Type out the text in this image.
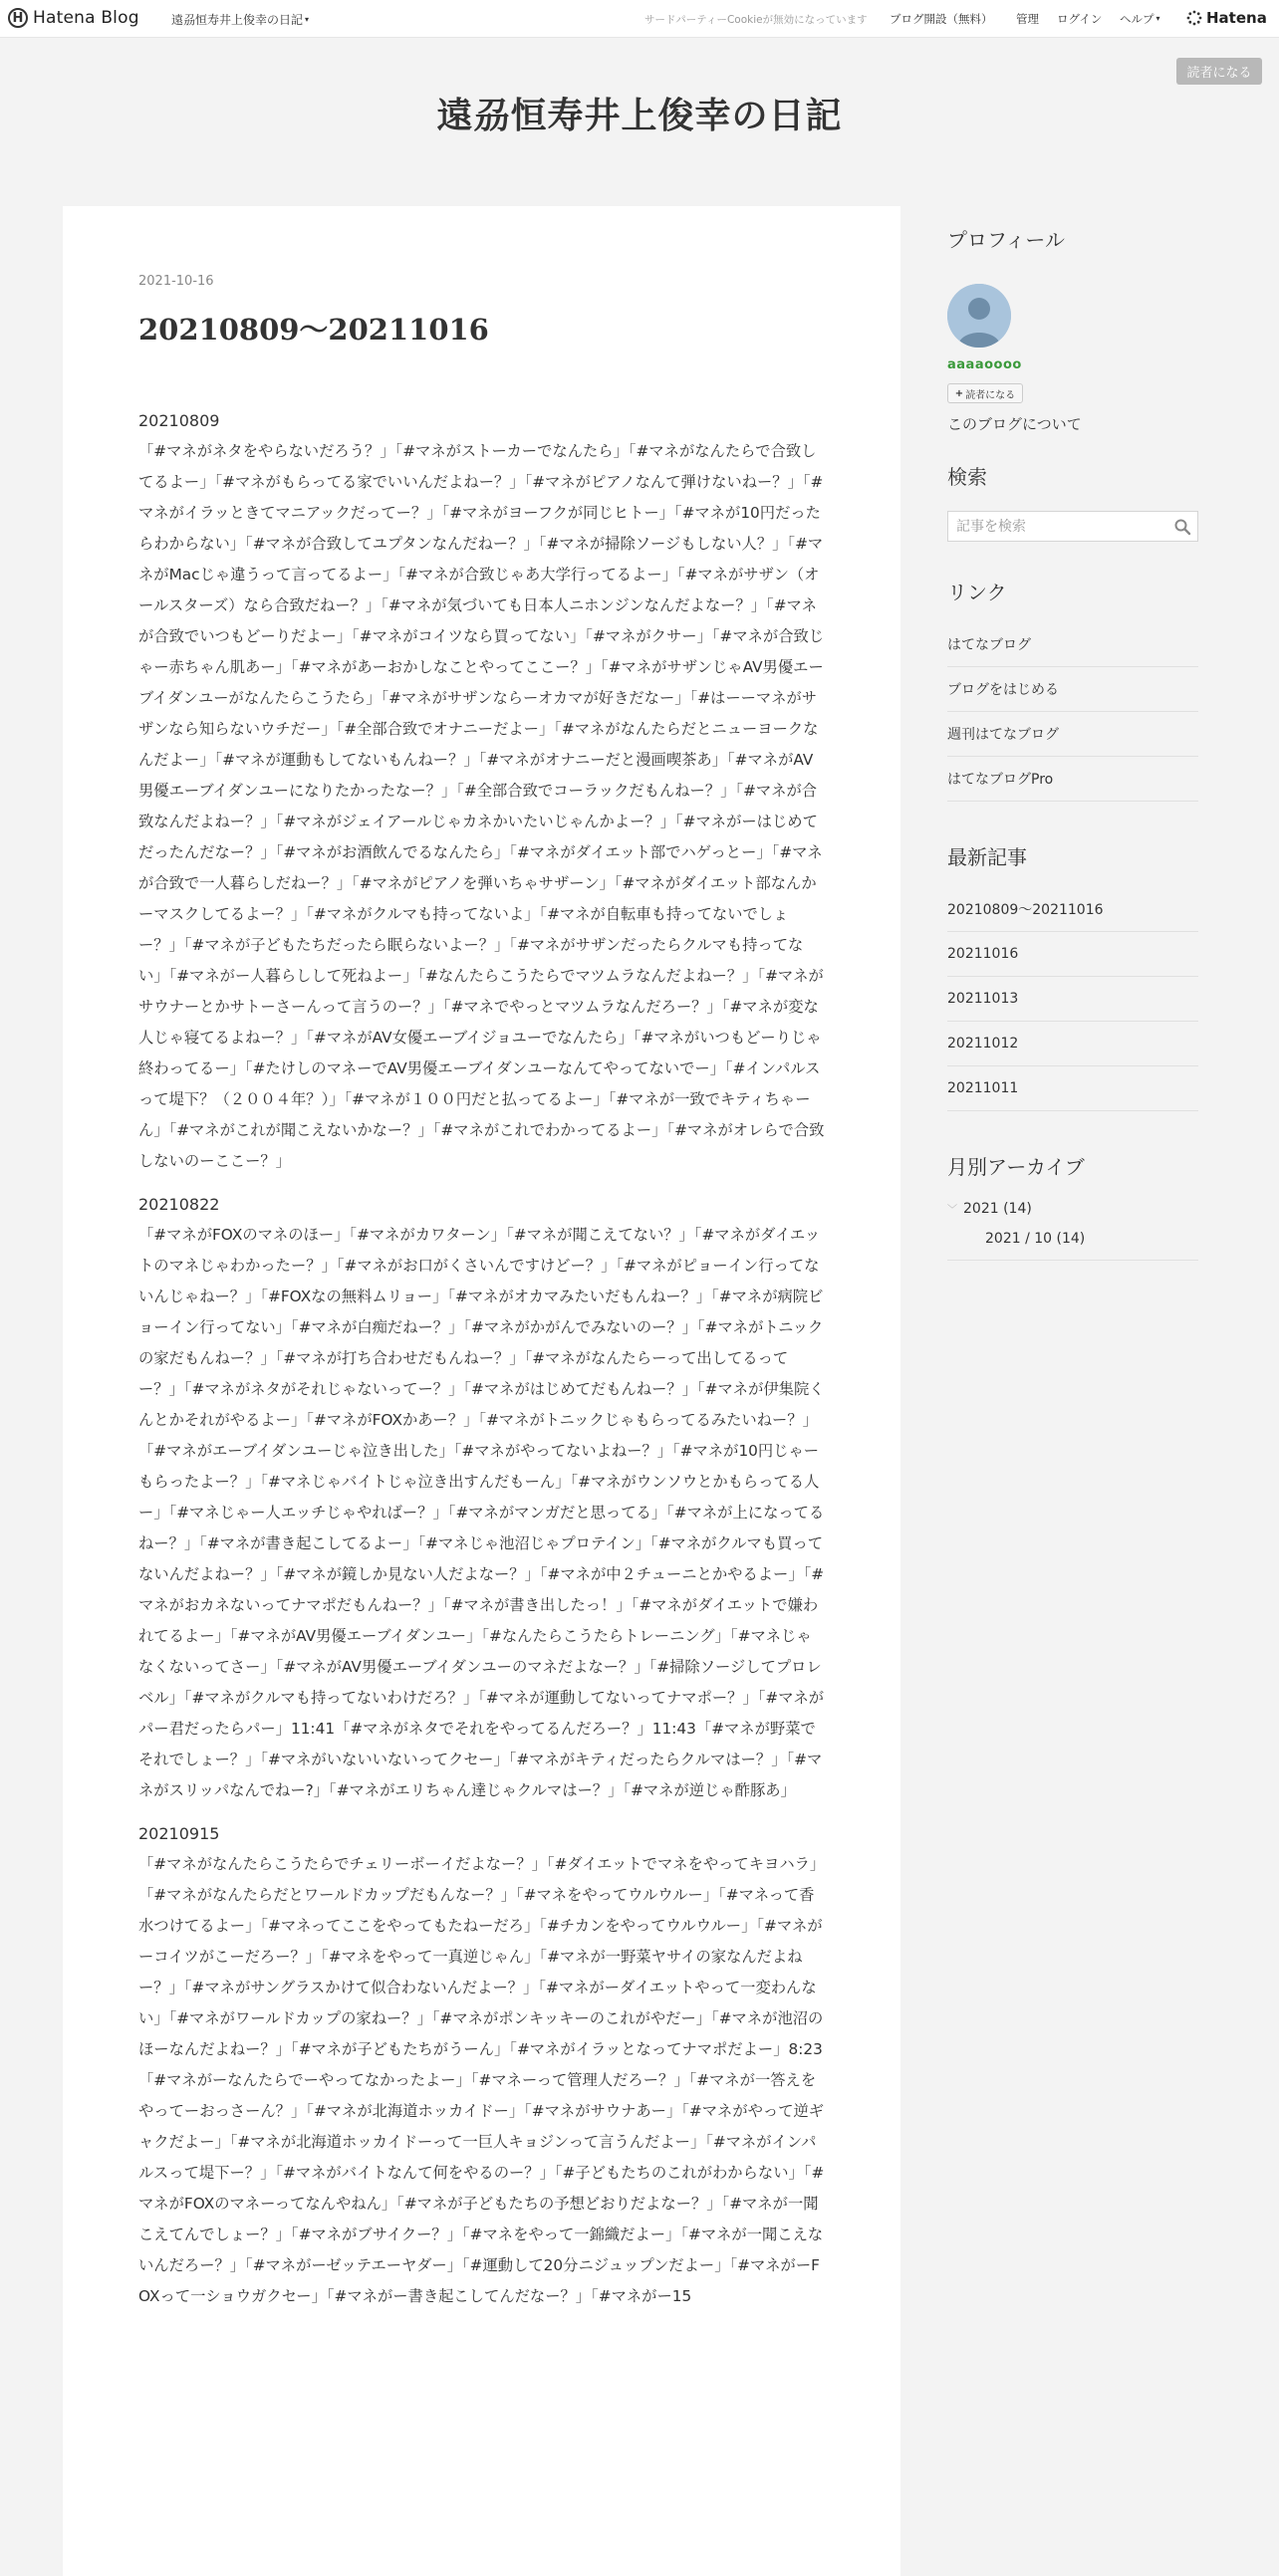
H Hatena Blog	遠刕恒寿井上俊幸の日記 ▾	サードパーティーCookieが無効になっています ブログ開設（無料） 管理 ログイン ヘルプ ▾	Hatena
読者になる
遠刕恒寿井上俊幸の日記
2021-10-16
20210809〜20211016

20210809

「#マネがネタをやらないだろう？」「#マネがストーカーでなんたら」「#マネがなんたらで合致してるよー」「#マネがもらってる家でいいんだよねー？」「#マネがピアノなんて弾けないねー？」「#マネがイラッときてマニアックだってー？」「#マネがヨーフクが同じヒトー」「#マネが10円だったらわからない」「#マネが合致してユプタンなんだねー？」「#マネが掃除ソージもしない人？」「#マネがMacじゃ違うって言ってるよー」「#マネが合致じゃあ大学行ってるよー」「#マネがサザン（オールスターズ）なら合致だねー？」「#マネが気づいても日本人ニホンジンなんだよなー？」「#マネが合致でいつもどーりだよー」「#マネがコイツなら買ってない」「#マネがクサー」「#マネが合致じゃー赤ちゃん肌あー」「#マネがあーおかしなことやってここー？」「#マネがサザンじゃAV男優エーブイダンユーがなんたらこうたら」「#マネがサザンならーオカマが好きだなー」「#はーーマネがサザンなら知らないウチだー」「#全部合致でオナニーだよー」「#マネがなんたらだとニューヨークなんだよー」「#マネが運動もしてないもんねー？」「#マネがオナニーだと漫画喫茶あ」「#マネがAV男優エーブイダンユーになりたかったなー？」「#全部合致でコーラックだもんねー？」「#マネが合致なんだよねー？」「#マネがジェイアールじゃカネかいたいじゃんかよー？」「#マネがーはじめてだったんだなー？」「#マネがお酒飲んでるなんたら」「#マネがダイエット部でハゲっとー」「#マネが合致で一人暮らしだねー？」「#マネがピアノを弾いちゃサザーン」「#マネがダイエット部なんかーマスクしてるよー？」「#マネがクルマも持ってないよ」「#マネが自転車も持ってないでしょー？」「#マネが子どもたちだったら眠らないよー？」「#マネがサザンだったらクルマも持ってない」「#マネがー人暮らしして死ねよー」「#なんたらこうたらでマツムラなんだよねー？」「#マネがサウナーとかサトーさーんって言うのー？」「#マネでやっとマツムラなんだろー？」「#マネが変な人じゃ寝てるよねー？」「#マネがAV女優エーブイジョユーでなんたら」「#マネがいつもどーりじゃ終わってるー」「#たけしのマネーでAV男優エーブイダンユーなんてやってないでー」「#インパルスって堤下？（２００４年？）」「#マネが１００円だと払ってるよー」「#マネが一致でキティちゃーん」「#マネがこれが聞こえないかなー？」「#マネがこれでわかってるよー」「#マネがオレらで合致しないのーここー？」

20210822

「#マネがFOXのマネのほー」「#マネがカワターン」「#マネが聞こえてない？」「#マネがダイエットのマネじゃわかったー？」「#マネがお口がくさいんですけどー？」「#マネがピョーイン行ってないんじゃねー？」「#FOXなの無料ムリョー」「#マネがオカマみたいだもんねー？」「#マネが病院ビョーイン行ってない」「#マネが白痴だねー？」「#マネがかがんでみないのー？」「#マネがトニックの家だもんねー？」「#マネが打ち合わせだもんねー？」「#マネがなんたらーって出してるってー？」「#マネがネタがそれじゃないってー？」「#マネがはじめてだもんねー？」「#マネが伊集院くんとかそれがやるよー」「#マネがFOXかあー？」「#マネがトニックじゃもらってるみたいねー？」「#マネがエーブイダンユーじゃ泣き出した」「#マネがやってないよねー？」「#マネが10円じゃーもらったよー？」「#マネじゃバイトじゃ泣き出すんだもーん」「#マネがウンソウとかもらってる人ー」「#マネじゃー人エッチじゃやればー？」「#マネがマンガだと思ってる」「#マネが上になってるねー？」「#マネが書き起こしてるよー」「#マネじゃ池沼じゃプロテイン」「#マネがクルマも買ってないんだよねー？」「#マネが鏡しか見ない人だよなー？」「#マネが中２チューニとかやるよー」「#マネがおカネないってナマポだもんねー？」「#マネが書き出したっ！」「#マネがダイエットで嫌われてるよー」「#マネがAV男優エーブイダンユー」「#なんたらこうたらトレーニング」「#マネじゃなくないってさー」「#マネがAV男優エーブイダンユーのマネだよなー？」「#掃除ソージしてプロレベル」「#マネがクルマも持ってないわけだろ？」「#マネが運動してないってナマポー？」「#マネがパー君だったらパー」11:41「#マネがネタでそれをやってるんだろー？」11:43「#マネが野菜でそれでしょー？」「#マネがいないいないってクセー」「#マネがキティだったらクルマはー？」「#マネがスリッパなんでねー?」「#マネがエリちゃん達じゃクルマはー？」「#マネが逆じゃ酢豚あ」

20210915

「#マネがなんたらこうたらでチェリーボーイだよなー？」「#ダイエットでマネをやってキヨハラ」「#マネがなんたらだとワールドカップだもんなー？」「#マネをやってウルウルー」「#マネって香水つけてるよー」「#マネってここをやってもたねーだろ」「#チカンをやってウルウルー」「#マネがーコイツがこーだろー？」「#マネをやって一真逆じゃん」「#マネが一野菜ヤサイの家なんだよねー？」「#マネがサングラスかけて似合わないんだよー？」「#マネがーダイエットやって一変わんない」「#マネがワールドカップの家ねー？」「#マネがポンキッキーのこれがやだー」「#マネが池沼のほーなんだよねー？」「#マネが子どもたちがうーん」「#マネがイラッとなってナマポだよー」8:23「#マネがーなんたらでーやってなかったよー」「#マネーって管理人だろー？」「#マネが一答えをやってーおっさーん？」「#マネが北海道ホッカイドー」「#マネがサウナあー」「#マネがやって逆ギャクだよー」「#マネが北海道ホッカイドーって一巨人キョジンって言うんだよー」「#マネがインパルスって堤下ー？」「#マネがバイトなんて何をやるのー？」「#子どもたちのこれがわからない」「#マネがFOXのマネーってなんやねん」「#マネが子どもたちの予想どおりだよなー？」「#マネが一聞こえてんでしょー？」「#マネがブサイクー？」「#マネをやって一錦織だよー」「#マネが一聞こえないんだろー？」「#マネがーゼッテエーヤダー」「#運動して20分ニジュップンだよー」「#マネがーFOXって一ショウガクセー」「#マネがー書き起こしてんだなー？」「#マネがー15

プロフィール
aaaaoooo
+ 読者になる
このブログについて
検索
記事を検索
リンク
はてなブログ
ブログをはじめる
週刊はてなブログ
はてなブログPro
最新記事
20210809〜20211016
20211016
20211013
20211012
20211011
月別アーカイブ
﹀ 2021 (14)
2021 / 10 (14)
